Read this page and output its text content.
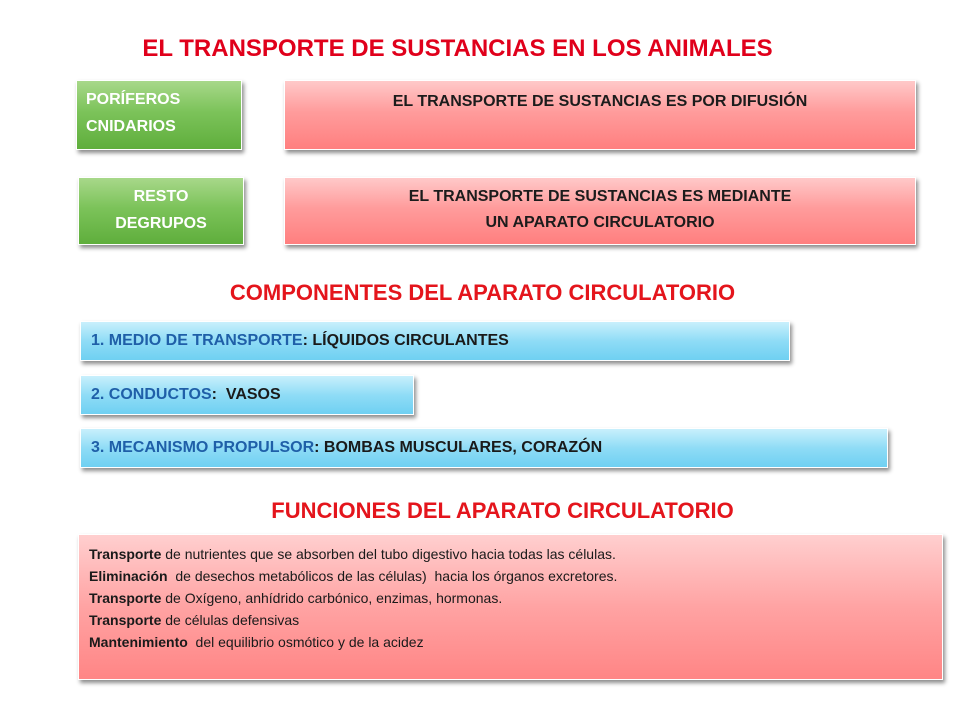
EL TRANSPORTE DE SUSTANCIAS EN LOS ANIMALES
PORÍFEROS
CNIDARIOS
EL TRANSPORTE DE SUSTANCIAS ES POR DIFUSIÓN
RESTO
DEGRUPOS
EL TRANSPORTE DE SUSTANCIAS ES MEDIANTE
UN APARATO CIRCULATORIO
COMPONENTES DEL APARATO CIRCULATORIO
1. MEDIO DE TRANSPORTE: LÍQUIDOS CIRCULANTES
2. CONDUCTOS:  VASOS
3. MECANISMO PROPULSOR: BOMBAS MUSCULARES, CORAZÓN
FUNCIONES DEL APARATO CIRCULATORIO
Transporte de nutrientes que se absorben del tubo digestivo hacia todas las células.
Eliminación  de desechos metabólicos de las células)  hacia los órganos excretores.
Transporte de Oxígeno, anhídrido carbónico, enzimas, hormonas.
Transporte de células defensivas
Mantenimiento  del equilibrio osmótico y de la acidez
